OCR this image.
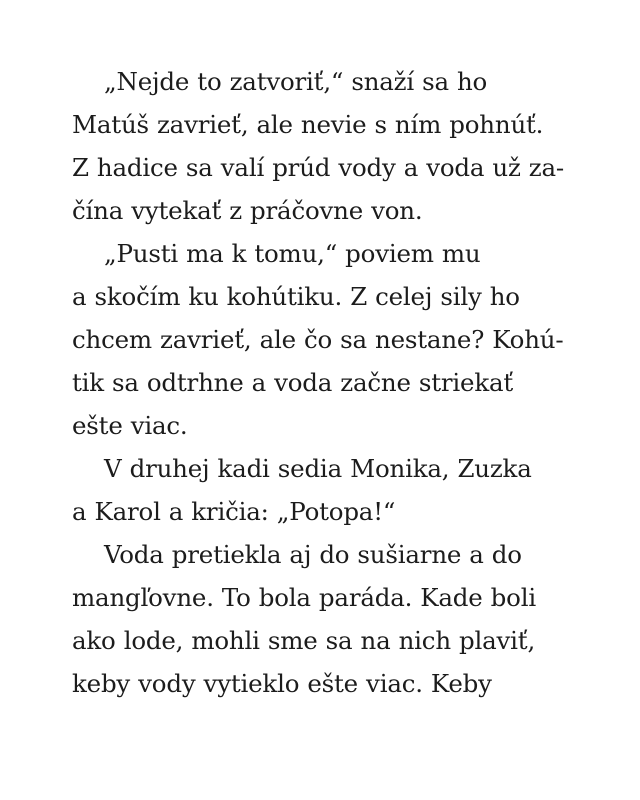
„Nejde to zatvoriť,“ snaží sa ho
Matúš zavrieť, ale nevie s ním pohnúť.
Z hadice sa valí prúd vody a voda už za-
čína vytekať z práčovne von.
„Pusti ma k tomu,“ poviem mu
a skočím ku kohútiku. Z celej sily ho
chcem zavrieť, ale čo sa nestane? Kohú-
tik sa odtrhne a voda začne striekať
ešte viac.
V druhej kadi sedia Monika, Zuzka
a Karol a kričia: „Potopa!“
Voda pretiekla aj do sušiarne a do
mangľovne. To bola paráda. Kade boli
ako lode, mohli sme sa na nich plaviť,
keby vody vytieklo ešte viac. Keby
